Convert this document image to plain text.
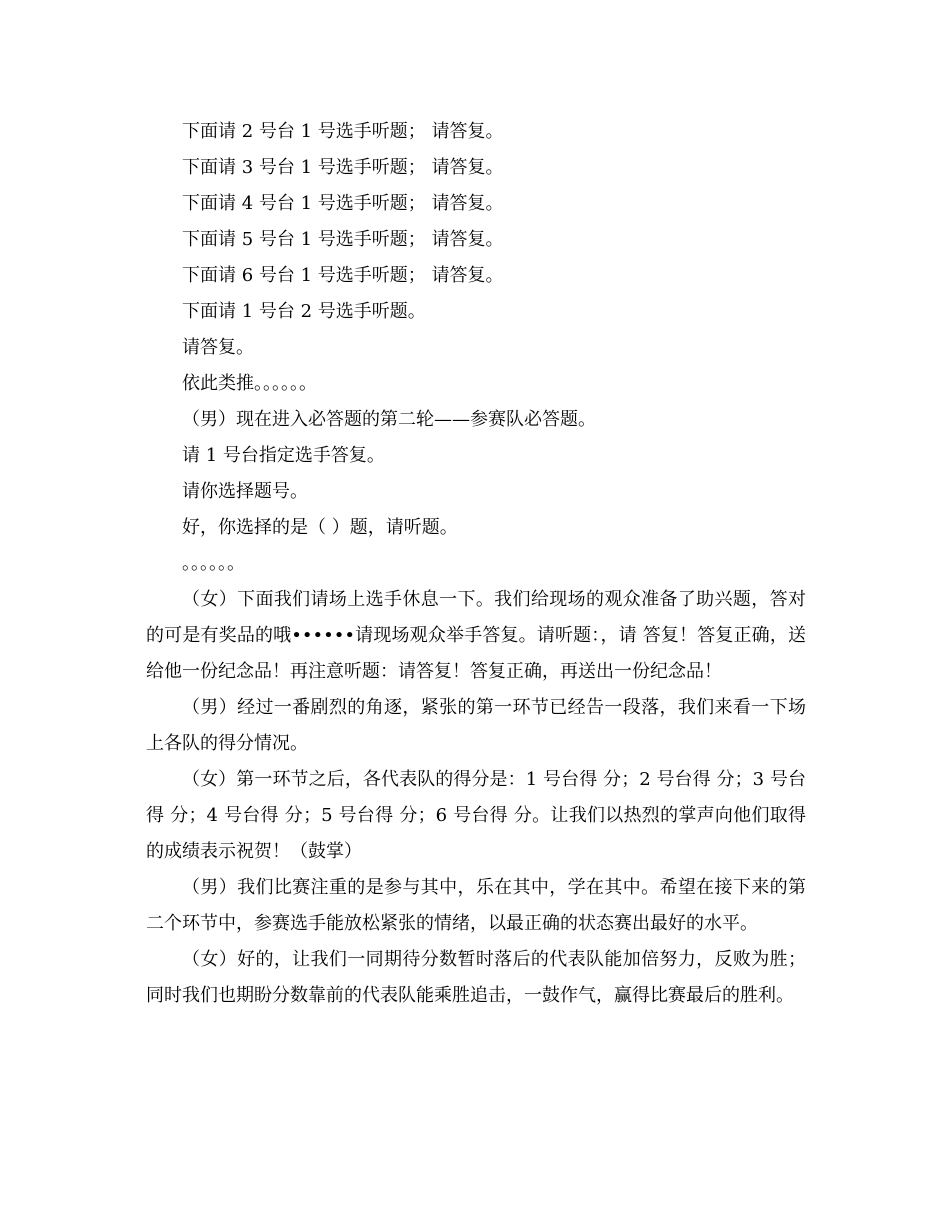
下面请 2 号台 1 号选手听题； 请答复。

下面请 3 号台 1 号选手听题； 请答复。

下面请 4 号台 1 号选手听题； 请答复。

下面请 5 号台 1 号选手听题； 请答复。

下面请 6 号台 1 号选手听题； 请答复。

下面请 1 号台 2 号选手听题。

请答复。

依此类推。。。。。。

（男）现在进入必答题的第二轮——参赛队必答题。

请 1 号台指定选手答复。

请你选择题号。

好，你选择的是（ ）题，请听题。

。。。。。。

（女）下面我们请场上选手休息一下。我们给现场的观众准备了助兴题，答对的可是有奖品的哦••••••请现场观众举手答复。请听题：，请 答复！答复正确，送给他一份纪念品！再注意听题：请答复！答复正确，再送出一份纪念品！

（男）经过一番剧烈的角逐，紧张的第一环节已经告一段落，我们来看一下场上各队的得分情况。

（女）第一环节之后，各代表队的得分是：1 号台得 分；2 号台得 分；3 号台得 分；4 号台得 分；5 号台得 分；6 号台得 分。让我们以热烈的掌声向他们取得的成绩表示祝贺！（鼓掌）

（男）我们比赛注重的是参与其中，乐在其中，学在其中。希望在接下来的第二个环节中，参赛选手能放松紧张的情绪，以最正确的状态赛出最好的水平。

（女）好的，让我们一同期待分数暂时落后的代表队能加倍努力，反败为胜；同时我们也期盼分数靠前的代表队能乘胜追击，一鼓作气，赢得比赛最后的胜利。
